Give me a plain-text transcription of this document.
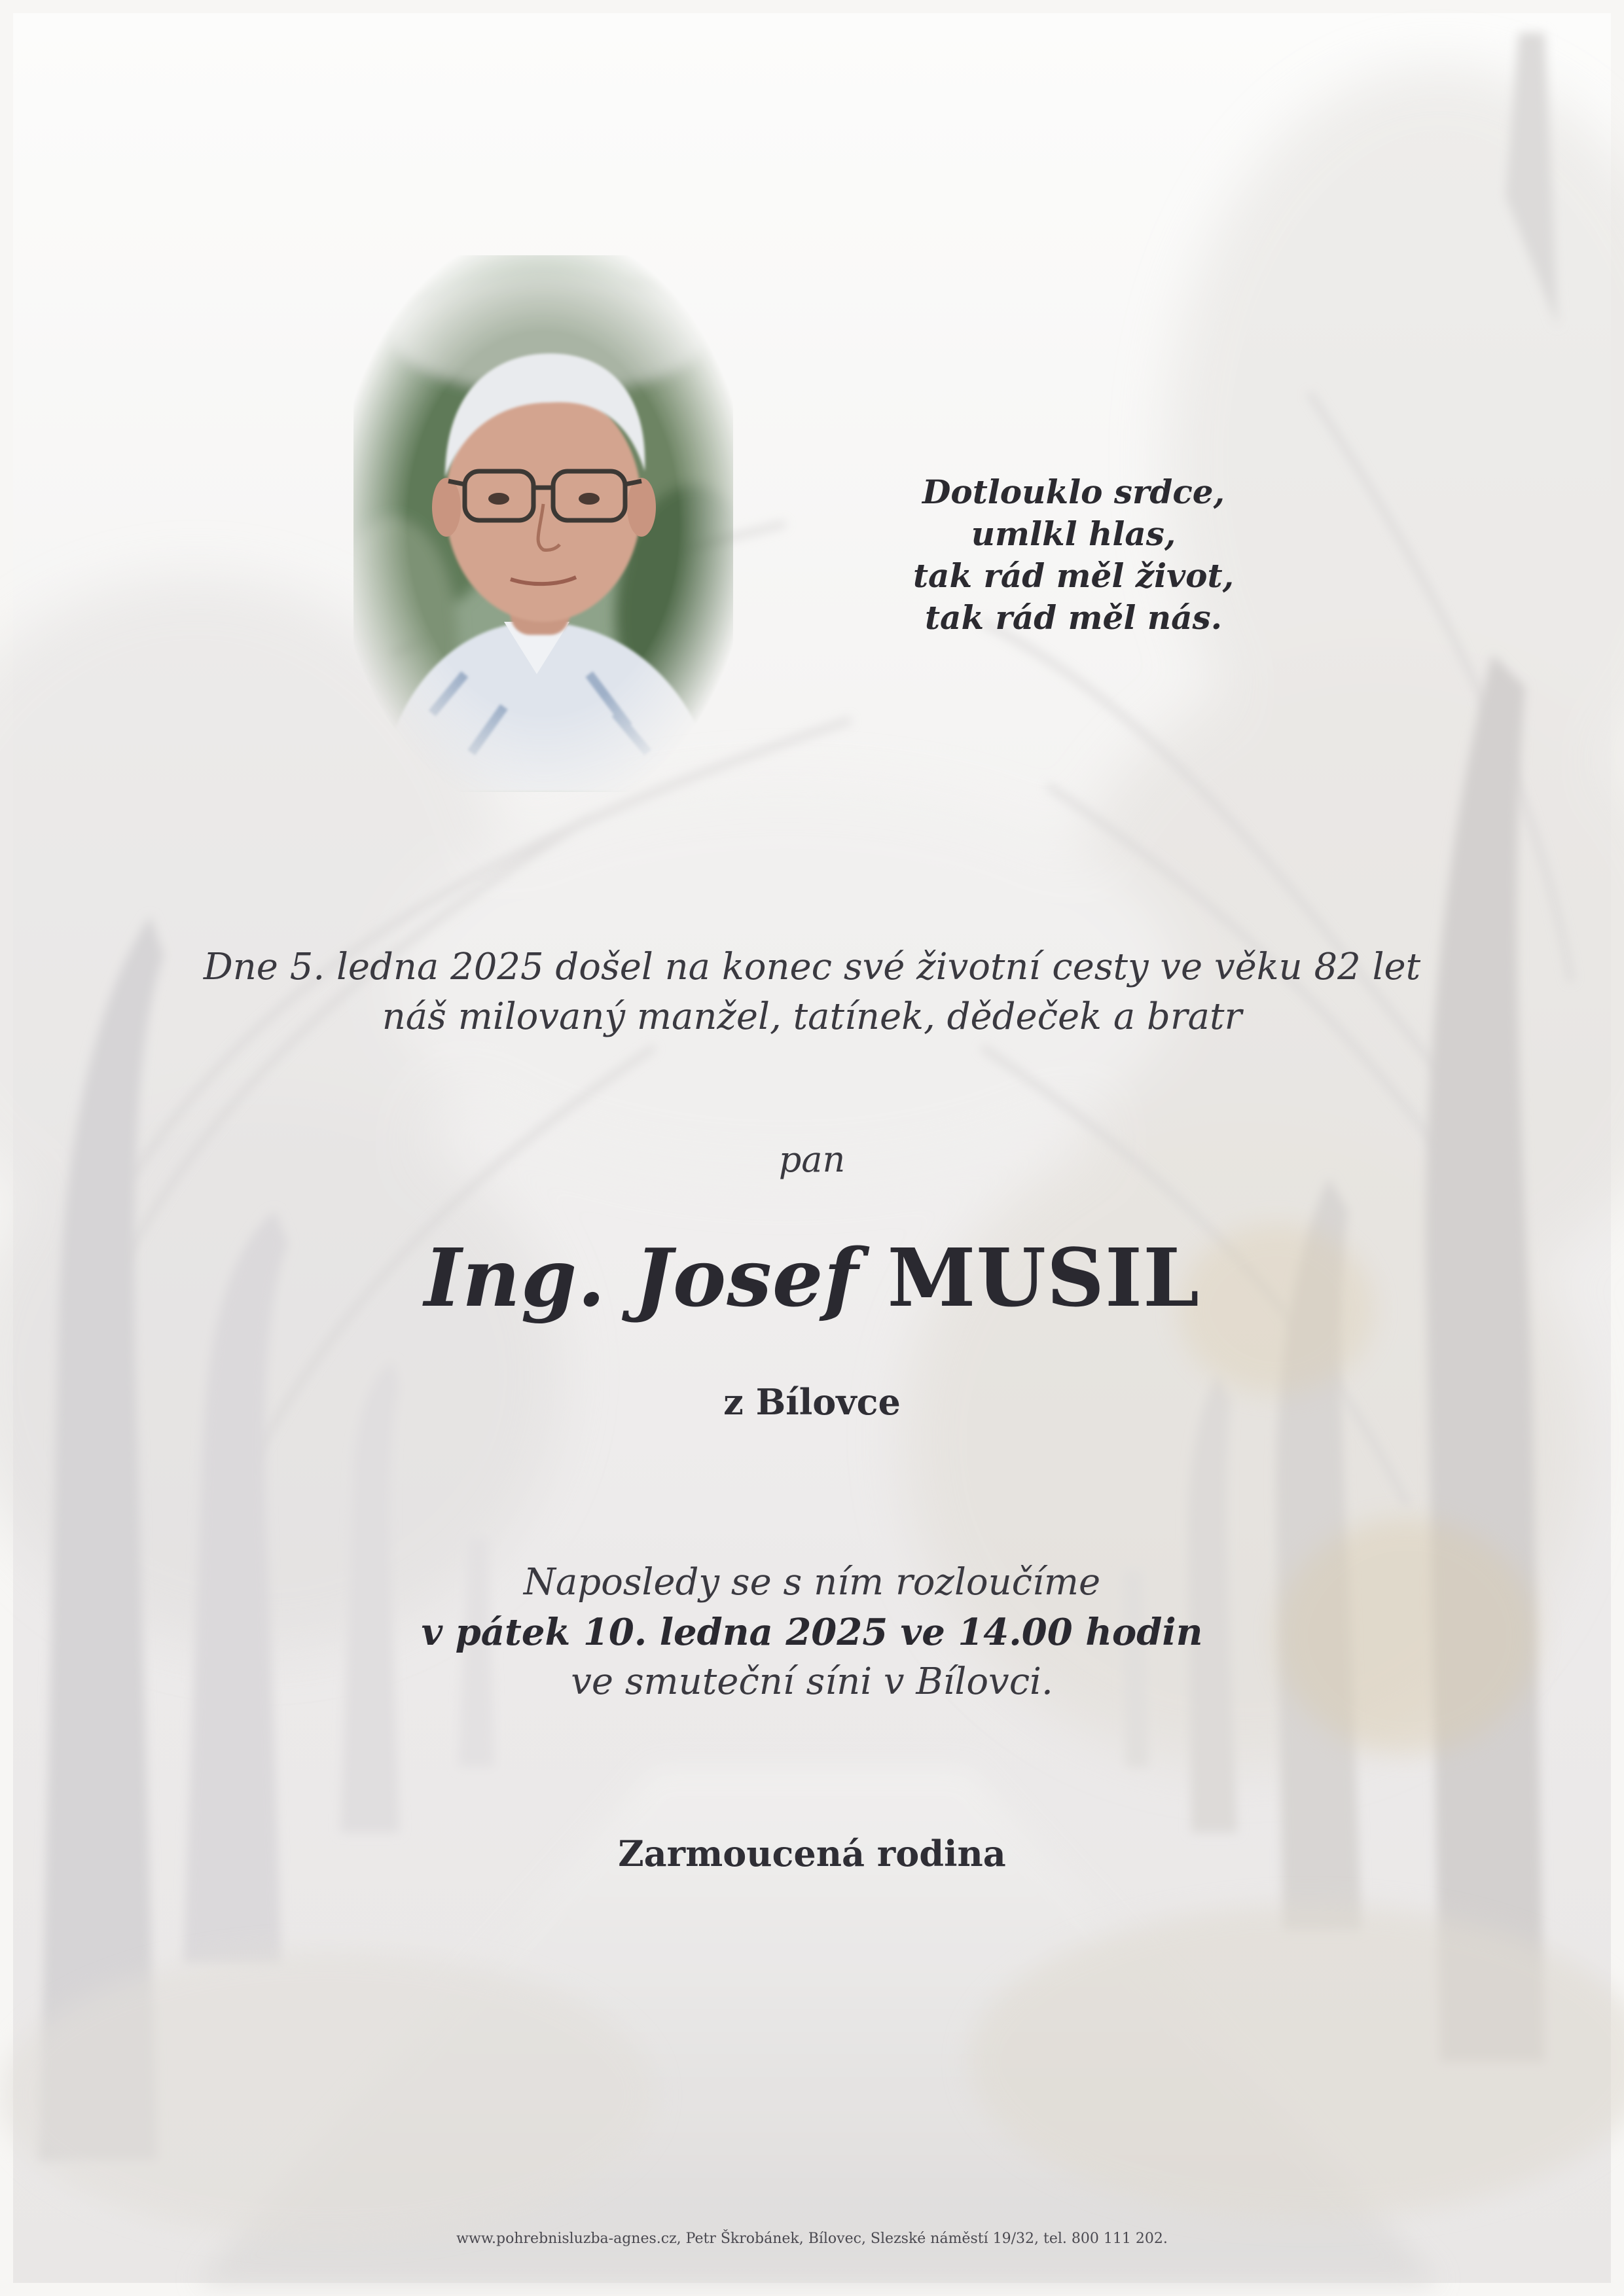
Dotlouklo srdce,
umlkl hlas,
tak rád měl život,
tak rád měl nás.
Dne 5. ledna 2025 došel na konec své životní cesty ve věku 82 let
náš milovaný manžel, tatínek, dědeček a bratr
pan
Ing. Josef MUSIL
z Bílovce
Naposledy se s ním rozloučíme
v pátek 10. ledna 2025 ve 14.00 hodin
ve smuteční síni v Bílovci.
Zarmoucená rodina
www.pohrebnisluzba-agnes.cz, Petr Škrobánek, Bílovec, Slezské náměstí 19/32, tel. 800 111 202.
